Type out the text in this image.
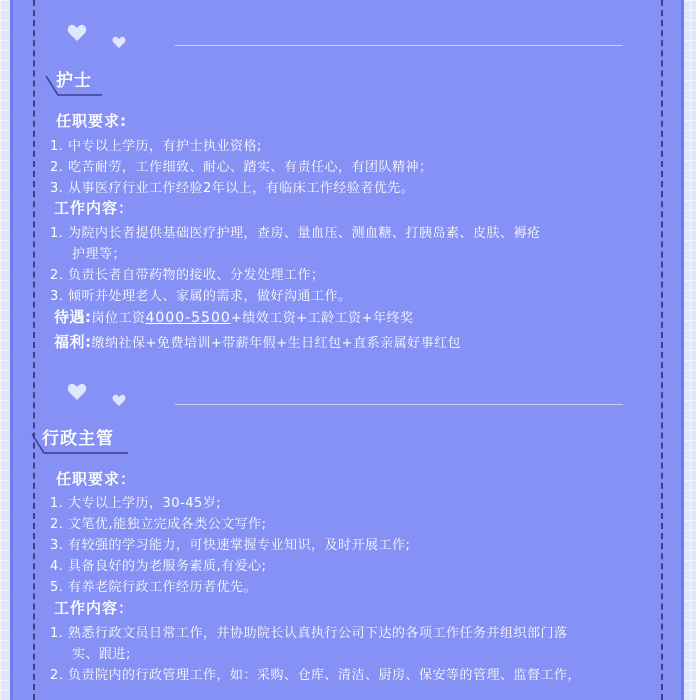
护士
任职要求:
1. 中专以上学历，有护士执业资格;
2. 吃苦耐劳，工作细致、耐心、踏实、有责任心，有团队精神；
3. 从事医疗行业工作经验2年以上，有临床工作经验者优先。
工作内容：
1. 为院内长者提供基础医疗护理，查房、量血压、测血糖、打胰岛素、皮肤、褥疮
护理等；
2. 负责长者自带药物的接收、分发处理工作；
3. 倾听并处理老人、家属的需求，做好沟通工作。
待遇:岗位工资4000-5500+绩效工资+工龄工资+年终奖
福利:缴纳社保+免费培训+带薪年假+生日红包+直系亲属好事红包
行政主管
任职要求：
1. 大专以上学历，30-45岁;
2. 文笔优,能独立完成各类公文写作;
3. 有较强的学习能力，可快速掌握专业知识，及时开展工作;
4. 具备良好的为老服务素质,有爱心;
5. 有养老院行政工作经历者优先。
工作内容：
1. 熟悉行政文员日常工作，并协助院长认真执行公司下达的各项工作任务并组织部门落
实、跟进;
2. 负责院内的行政管理工作，如：采购、仓库、清洁、厨房、保安等的管理、监督工作，
